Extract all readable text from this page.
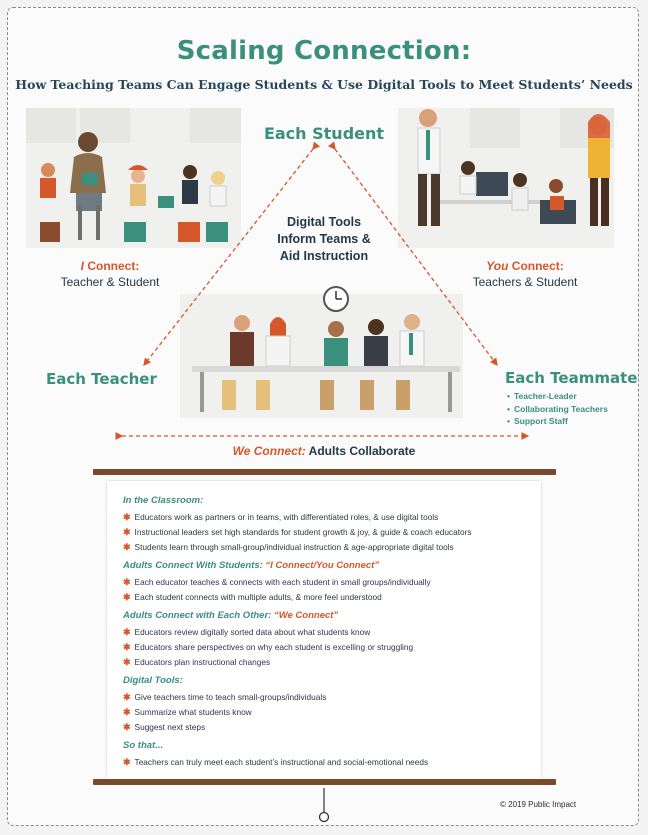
Scaling Connection:
How Teaching Teams Can Engage Students & Use Digital Tools to Meet Students’ Needs
Each Student
Digital Tools
Inform Teams &
Aid Instruction
I Connect:
Teacher & Student
You Connect:
Teachers & Student
Each Teacher	Each Teammate
• Teacher-Leader
• Collaborating Teachers
• Support Staff
We Connect: Adults Collaborate
In the Classroom:
✱ Educators work as partners or in teams, with differentiated roles, & use digital tools
✱ Instructional leaders set high standards for student growth & joy, & guide & coach educators
✱ Students learn through small-group/individual instruction & age-appropriate digital tools
Adults Connect With Students: “I Connect/You Connect”
✱ Each educator teaches & connects with each student in small groups/individually
✱ Each student connects with multiple adults, & more feel understood
Adults Connect with Each Other: “We Connect”
✱ Educators review digitally sorted data about what students know
✱ Educators share perspectives on why each student is excelling or struggling
✱ Educators plan instructional changes
Digital Tools:
✱ Give teachers time to teach small-groups/individuals
✱ Summarize what students know
✱ Suggest next steps
So that...
✱ Teachers can truly meet each student’s instructional and social-emotional needs
© 2019 Public Impact
